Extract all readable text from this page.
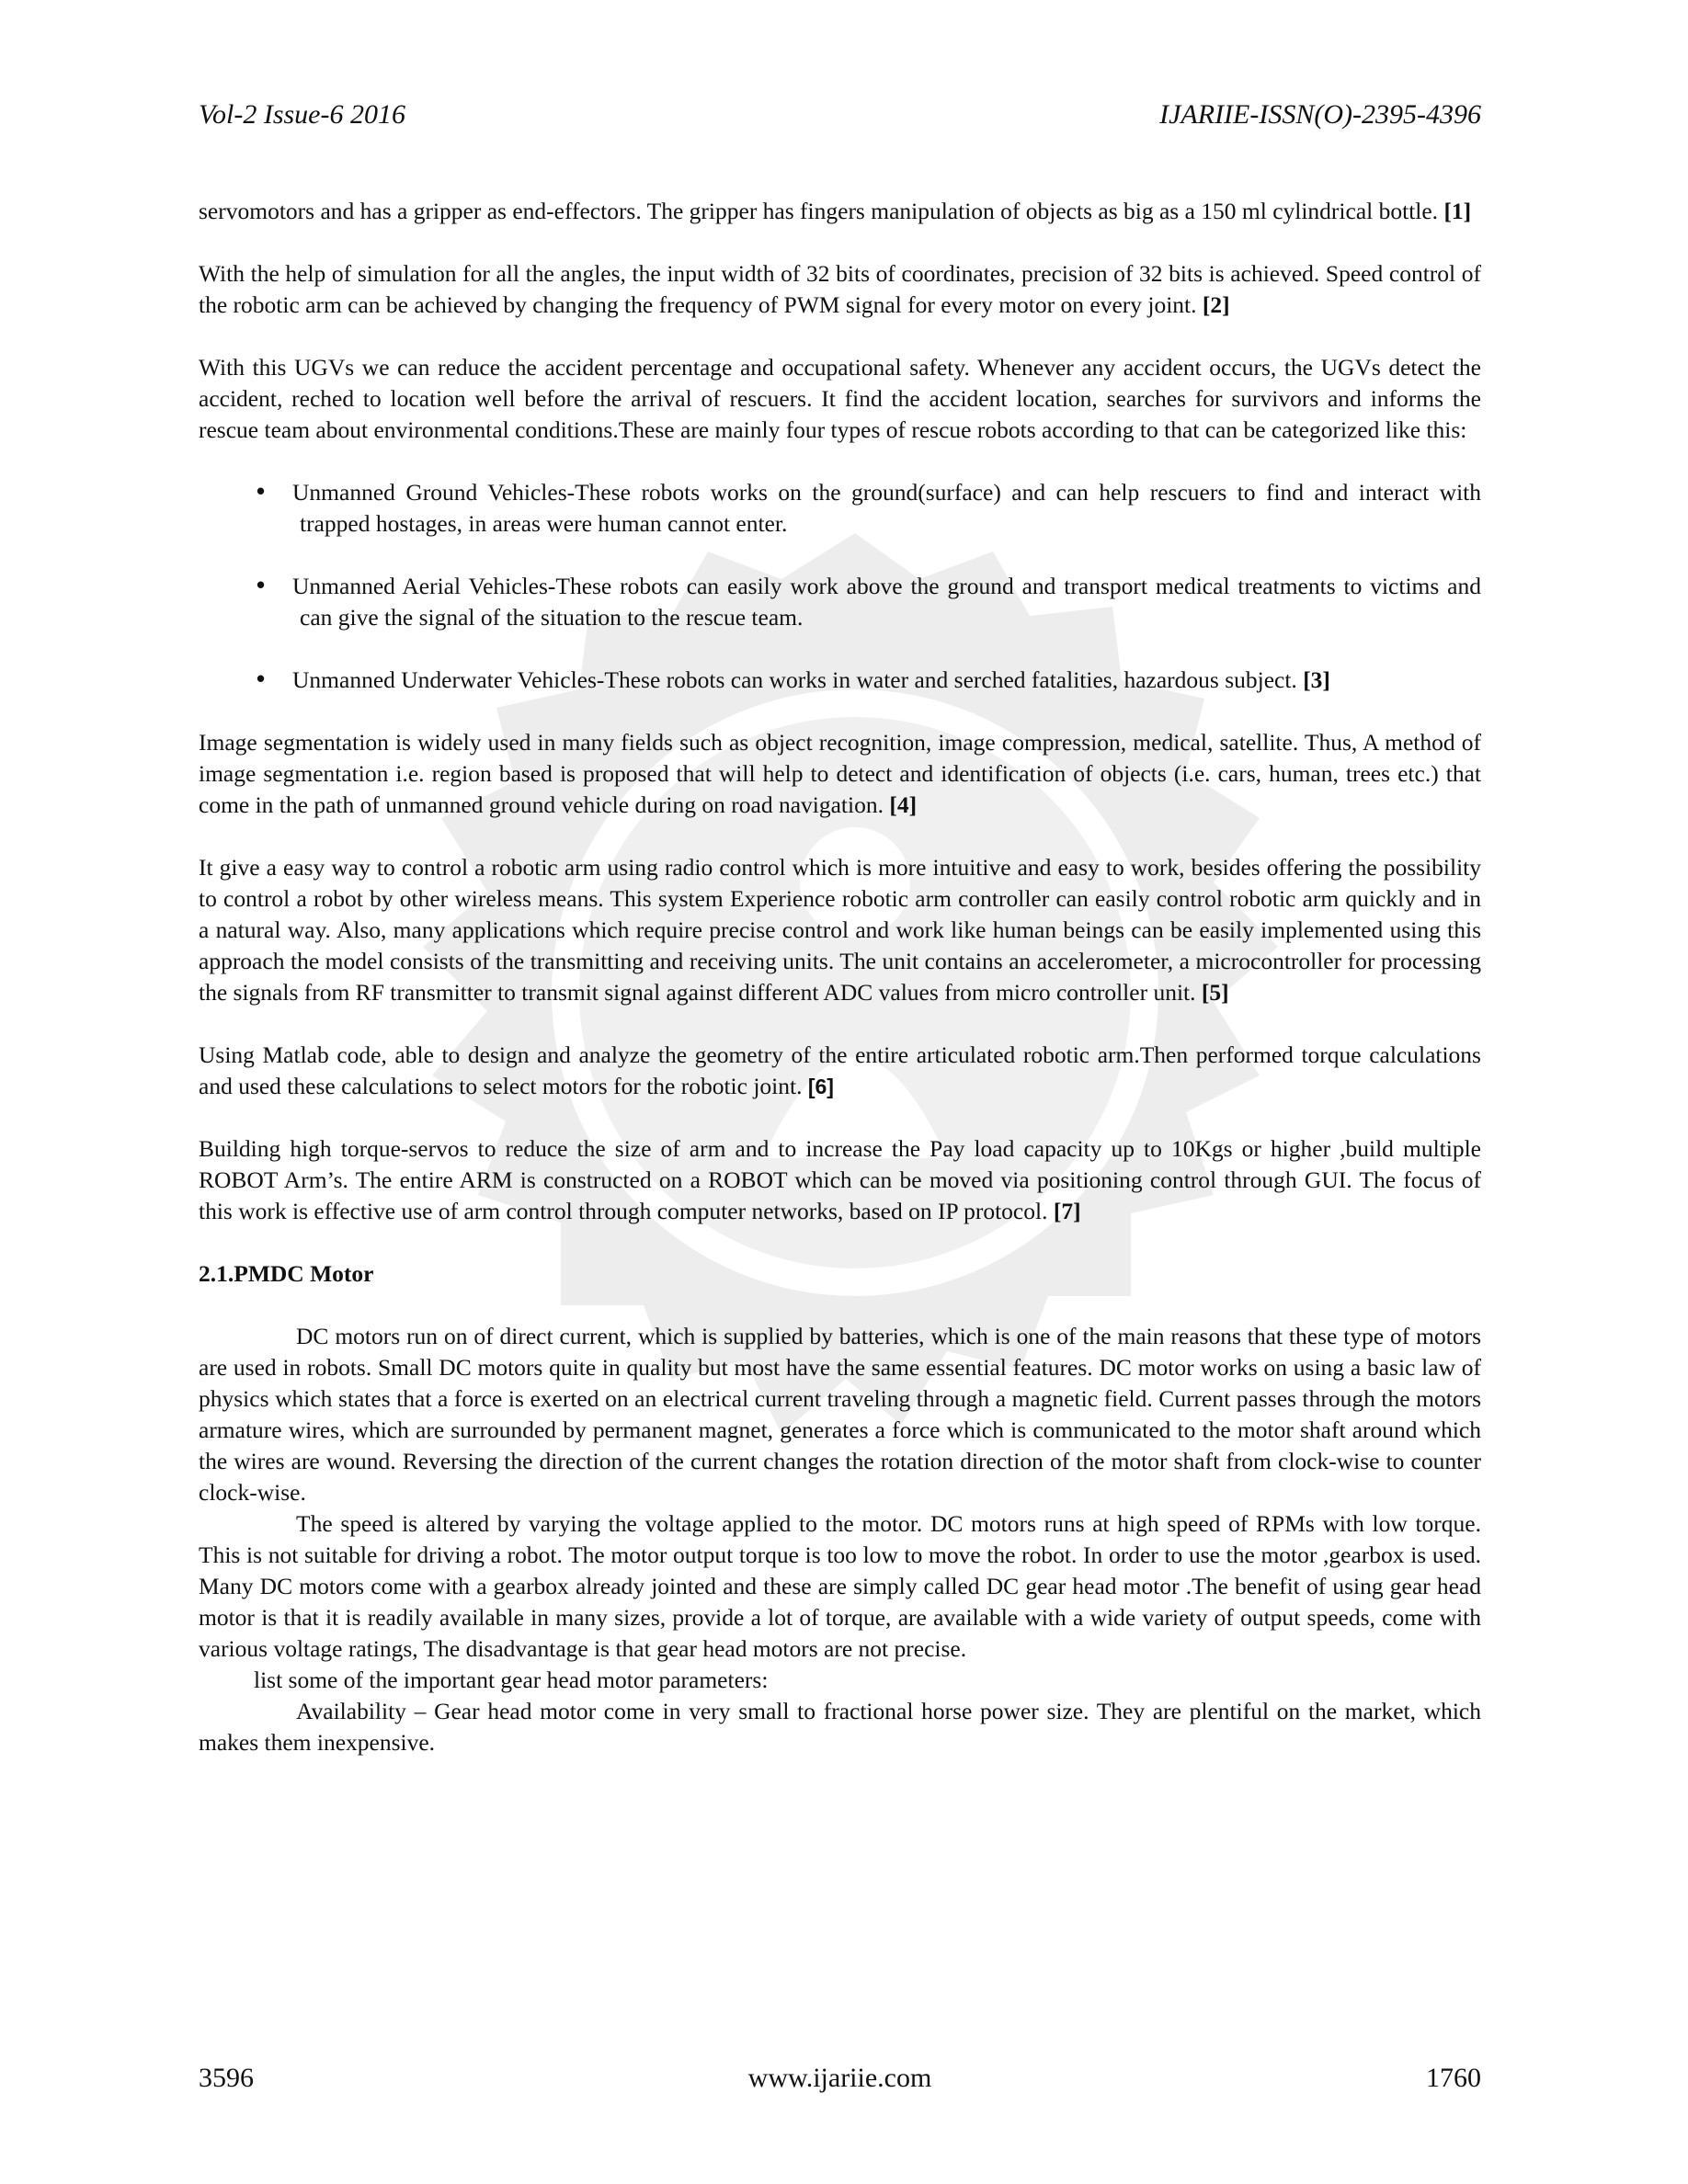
Vol-2 Issue-6 2016	IJARIIE-ISSN(O)-2395-4396

servomotors and has a gripper as end-effectors. The gripper has fingers manipulation of objects as big as a 150 ml cylindrical bottle. [1]

With the help of simulation for all the angles, the input width of 32 bits of coordinates, precision of 32 bits is achieved. Speed control of the robotic arm can be achieved by changing the frequency of PWM signal for every motor on every joint. [2]

With this UGVs we can reduce the accident percentage and occupational safety. Whenever any accident occurs, the UGVs detect the accident, reched to location well before the arrival of rescuers. It find the accident location, searches for survivors and informs the rescue team about environmental conditions.These are mainly four types of rescue robots according to that can be categorized like this:

• Unmanned Ground Vehicles-These robots works on the ground(surface) and can help rescuers to find and interact with trapped hostages, in areas were human cannot enter.
• Unmanned Aerial Vehicles-These robots can easily work above the ground and transport medical treatments to victims and can give the signal of the situation to the rescue team.
• Unmanned Underwater Vehicles-These robots can works in water and serched fatalities, hazardous subject. [3]

Image segmentation is widely used in many fields such as object recognition, image compression, medical, satellite. Thus, A method of image segmentation i.e. region based is proposed that will help to detect and identification of objects (i.e. cars, human, trees etc.) that come in the path of unmanned ground vehicle during on road navigation. [4]

It give a easy way to control a robotic arm using radio control which is more intuitive and easy to work, besides offering the possibility to control a robot by other wireless means. This system Experience robotic arm controller can easily control robotic arm quickly and in a natural way. Also, many applications which require precise control and work like human beings can be easily implemented using this approach the model consists of the transmitting and receiving units. The unit contains an accelerometer, a microcontroller for processing the signals from RF transmitter to transmit signal against different ADC values from micro controller unit. [5]

Using Matlab code, able to design and analyze the geometry of the entire articulated robotic arm.Then performed torque calculations and used these calculations to select motors for the robotic joint. [6]

Building high torque-servos to reduce the size of arm and to increase the Pay load capacity up to 10Kgs or higher ,build multiple ROBOT Arm’s. The entire ARM is constructed on a ROBOT which can be moved via positioning control through GUI. The focus of this work is effective use of arm control through computer networks, based on IP protocol. [7]

2.1.PMDC Motor

DC motors run on of direct current, which is supplied by batteries, which is one of the main reasons that these type of motors are used in robots. Small DC motors quite in quality but most have the same essential features. DC motor works on using a basic law of physics which states that a force is exerted on an electrical current traveling through a magnetic field. Current passes through the motors armature wires, which are surrounded by permanent magnet, generates a force which is communicated to the motor shaft around which the wires are wound. Reversing the direction of the current changes the rotation direction of the motor shaft from clock-wise to counter clock-wise.

The speed is altered by varying the voltage applied to the motor. DC motors runs at high speed of RPMs with low torque. This is not suitable for driving a robot. The motor output torque is too low to move the robot. In order to use the motor ,gearbox is used. Many DC motors come with a gearbox already jointed and these are simply called DC gear head motor .The benefit of using gear head motor is that it is readily available in many sizes, provide a lot of torque, are available with a wide variety of output speeds, come with various voltage ratings, The disadvantage is that gear head motors are not precise.

list some of the important gear head motor parameters:

Availability – Gear head motor come in very small to fractional horse power size. They are plentiful on the market, which makes them inexpensive.

3596	www.ijariie.com	1760
